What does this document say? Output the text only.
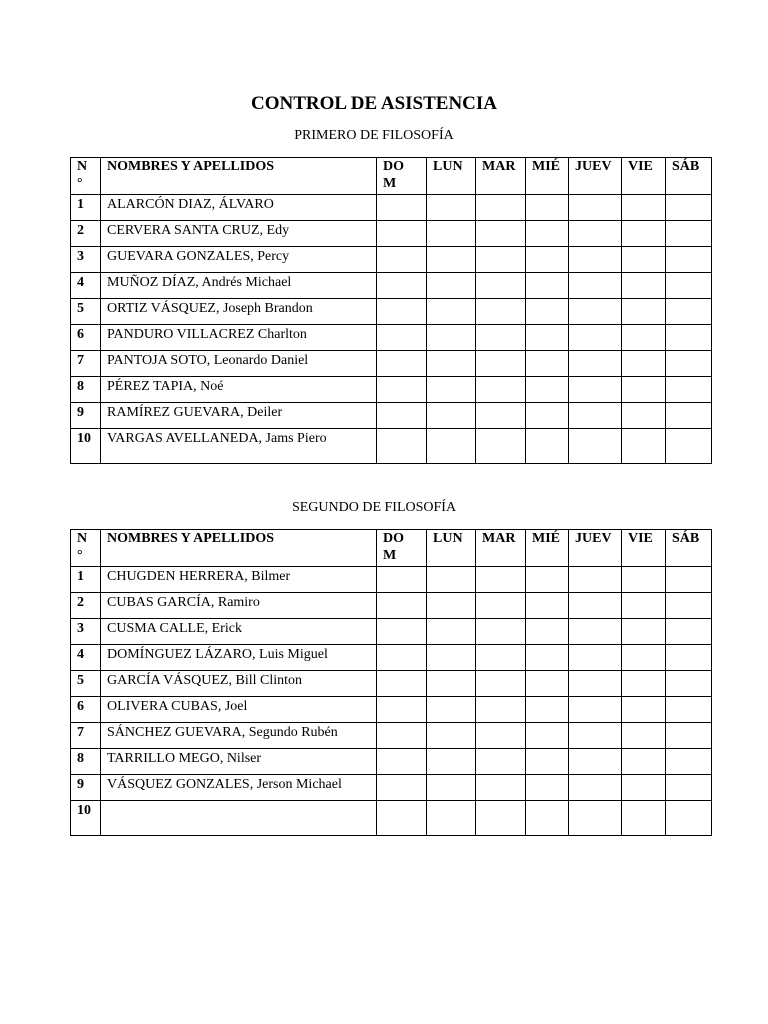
CONTROL DE ASISTENCIA

PRIMERO DE FILOSOFÍA

N °	NOMBRES Y APELLIDOS	DO M	LUN	MAR	MIÉ	JUEV	VIE	SÁB
1	ALARCÓN DIAZ, ÁLVARO							
2	CERVERA SANTA CRUZ, Edy							
3	GUEVARA GONZALES, Percy							
4	MUÑOZ DÍAZ, Andrés Michael							
5	ORTIZ VÁSQUEZ, Joseph Brandon							
6	PANDURO VILLACREZ Charlton							
7	PANTOJA SOTO, Leonardo Daniel							
8	PÉREZ TAPIA, Noé							
9	RAMÍREZ GUEVARA, Deiler							
10	VARGAS AVELLANEDA, Jams Piero							

SEGUNDO DE FILOSOFÍA

N °	NOMBRES Y APELLIDOS	DO M	LUN	MAR	MIÉ	JUEV	VIE	SÁB
1	CHUGDEN HERRERA, Bilmer							
2	CUBAS GARCÍA, Ramiro							
3	CUSMA CALLE, Erick							
4	DOMÍNGUEZ LÁZARO, Luis Miguel							
5	GARCÍA VÁSQUEZ, Bill Clinton							
6	OLIVERA CUBAS, Joel							
7	SÁNCHEZ GUEVARA, Segundo Rubén							
8	TARRILLO MEGO, Nilser							
9	VÁSQUEZ GONZALES, Jerson Michael							
10								
